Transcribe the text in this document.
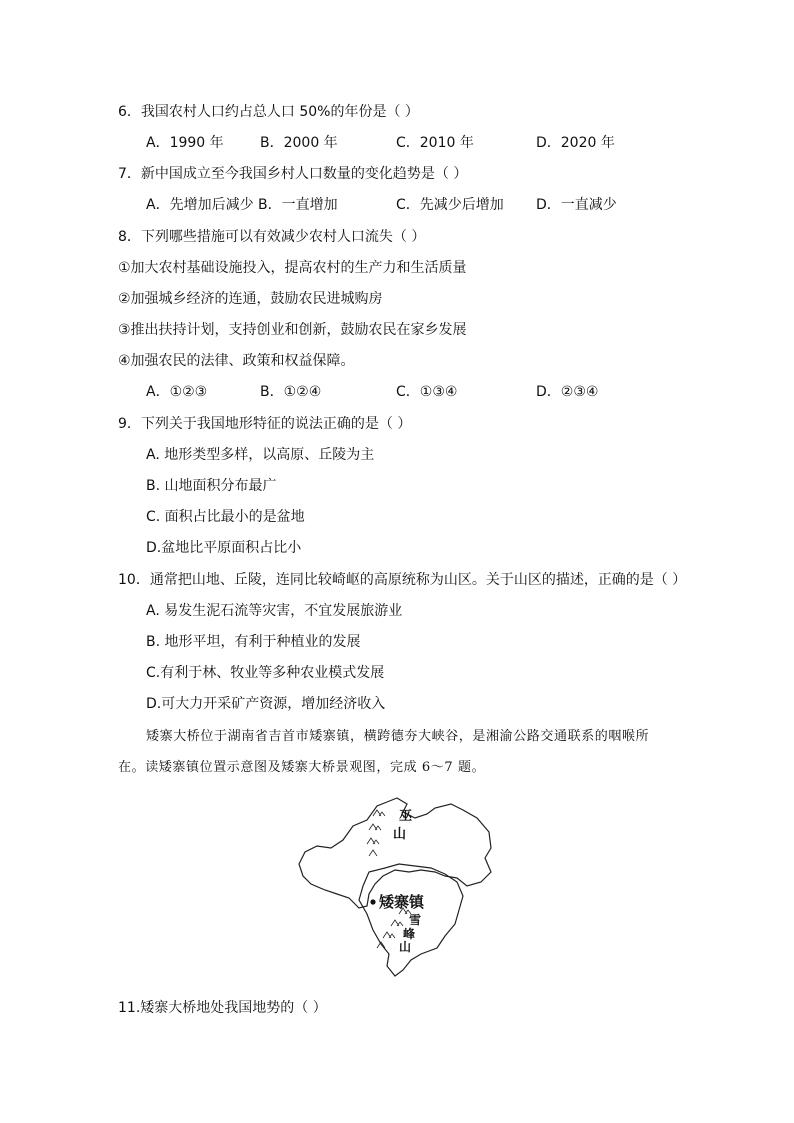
6．我国农村人口约占总人口 50%的年份是（ ）
A．1990 年	B．2000 年	C．2010 年	D．2020 年
7．新中国成立至今我国乡村人口数量的变化趋势是（ ）
A．先增加后减少 B．一直增加	C．先减少后增加 D．一直减少
8．下列哪些措施可以有效减少农村人口流失（ ）
①加大农村基础设施投入，提高农村的生产力和生活质量
②加强城乡经济的连通，鼓励农民进城购房
③推出扶持计划，支持创业和创新，鼓励农民在家乡发展
④加强农民的法律、政策和权益保障。
A．①②③	B．①②④	C．①③④	D．②③④
9．下列关于我国地形特征的说法正确的是（ ）
A. 地形类型多样，以高原、丘陵为主
B. 山地面积分布最广
C. 面积占比最小的是盆地
D.盆地比平原面积占比小
10．通常把山地、丘陵，连同比较崎岖的高原统称为山区。关于山区的描述，正确的是（ ）
A. 易发生泥石流等灾害，不宜发展旅游业
B. 地形平坦，有利于种植业的发展
C.有利于林、牧业等多种农业模式发展
D.可大力开采矿产资源，增加经济收入
矮寨大桥位于湖南省吉首市矮寨镇，横跨德夯大峡谷，是湘渝公路交通联系的咽喉所
在。读矮寨镇位置示意图及矮寨大桥景观图，完成 6～7 题。
巫
山
矮寨镇
雪
峰
山
11.矮寨大桥地处我国地势的（ ）
